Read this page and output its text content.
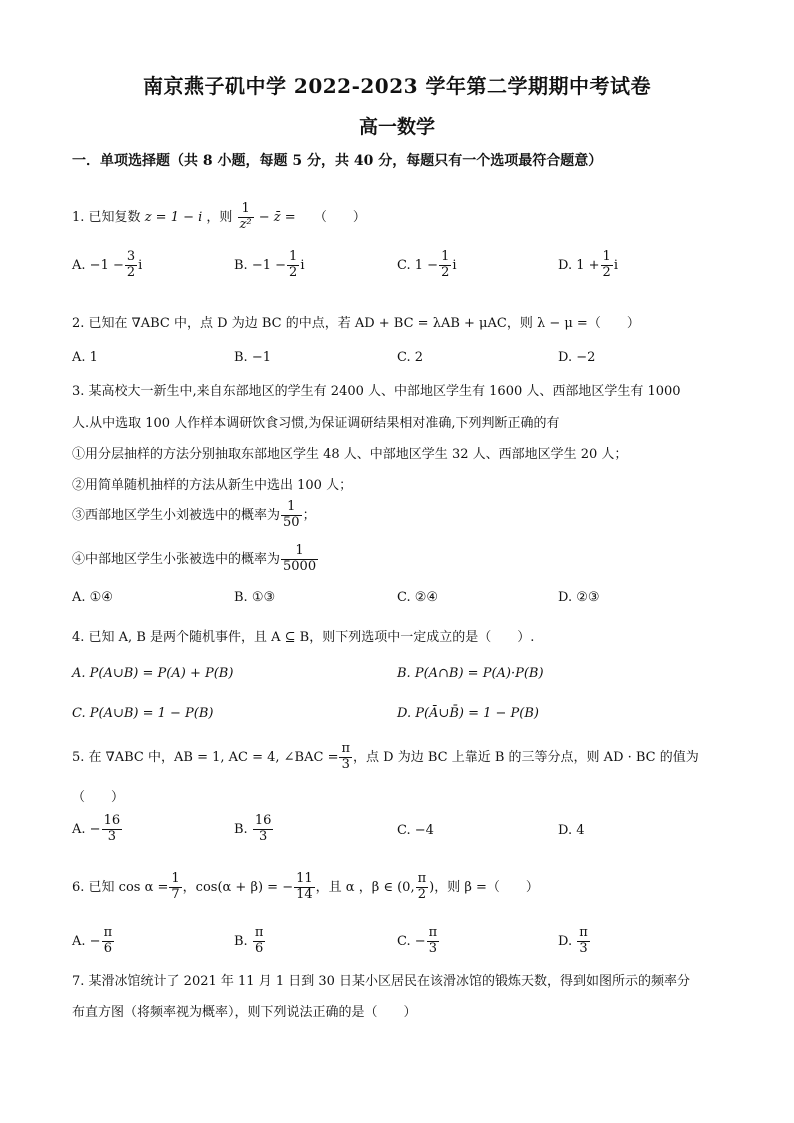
南京燕子矶中学 2022-2023 学年第二学期期中考试卷
高一数学
一．单项选择题（共 8 小题，每题 5 分，共 40 分，每题只有一个选项最符合题意）
1. 已知复数 z = 1 − i ，则 $\frac{1}{\text{z²}}$ − z̄ = （　　）
A. $-1 - \frac{3}{2}$ i	B. $-1 - \frac{1}{2}$ i	C. $1 - \frac{1}{2}$ i	D. $1 + \frac{1}{2}$ i
2. 已知在 ∇ABC 中，点 D 为边 BC 的中点，若 AD + BC = λAB + μAC，则 λ − μ =（　　）
A. 1	B. −1	C. 2	D. −2
3. 某高校大一新生中,来自东部地区的学生有 2400 人、中部地区学生有 1600 人、西部地区学生有 1000
人.从中选取 100 人作样本调研饮食习惯,为保证调研结果相对准确,下列判断正确的有
①用分层抽样的方法分别抽取东部地区学生 48 人、中部地区学生 32 人、西部地区学生 20 人；
②用简单随机抽样的方法从新生中选出 100 人；
③西部地区学生小刘被选中的概率为 $\frac{1}{50}$ ；
④中部地区学生小张被选中的概率为 $\frac{1}{5000}$
A. ①④	B. ①③	C. ②④	D. ②③
4. 已知 A, B 是两个随机事件，且 A ⊆ B，则下列选项中一定成立的是（　　）.
A. P(A∪B) = P(A) + P(B)	B. P(A∩B) = P(A)·P(B)
C. P(A∪B) = 1 − P(B)	D. P(Ā∪B̄) = 1 − P(B)
5. 在 ∇ABC 中，AB = 1, AC = 4, ∠BAC = $\frac{\pi}{3}$ ，点 D 为边 BC 上靠近 B 的三等分点，则 AD · BC 的值为
（　　）
A. − $\frac{16}{3}$	B. $\frac{16}{3}$	C. −4	D. 4
6. 已知 $\cos \alpha = \frac{1}{7}$ ，cos(α + β) = − $\frac{11}{14}$ ，且 α ，β ∈ (0, $\frac{\pi}{2}$ )，则 β =（　　）
A. − $\frac{\pi}{6}$	B. $\frac{\pi}{6}$	C. − $\frac{\pi}{3}$	D. $\frac{\pi}{3}$
7. 某滑冰馆统计了 2021 年 11 月 1 日到 30 日某小区居民在该滑冰馆的锻炼天数，得到如图所示的频率分
布直方图（将频率视为概率），则下列说法正确的是（　　）
